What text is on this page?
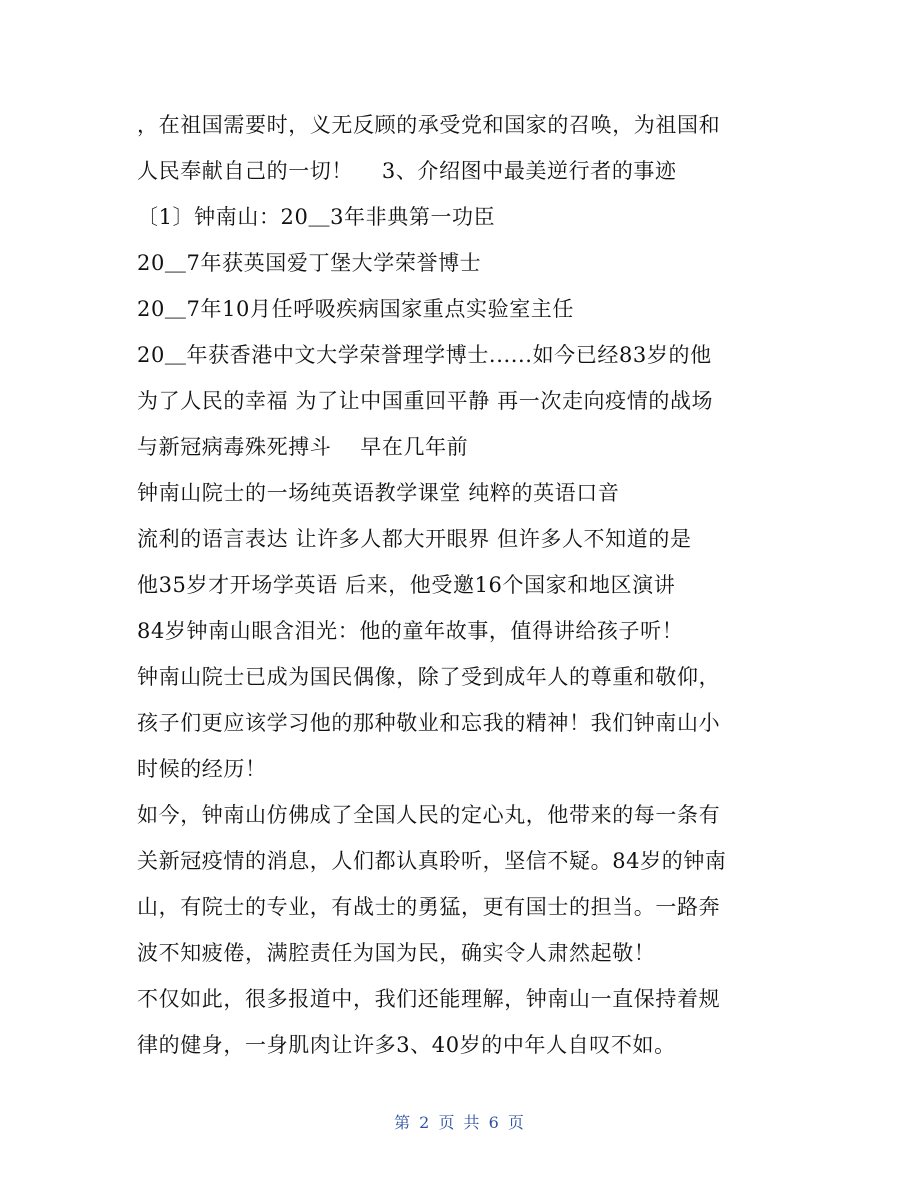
，在祖国需要时，义无反顾的承受党和国家的召唤，为祖国和
人民奉献自己的一切！　 3、介绍图中最美逆行者的事迹
〔1〕钟南山：20＿3年非典第一功臣
20＿7年获英国爱丁堡大学荣誉博士
20＿7年10月任呼吸疾病国家重点实验室主任
20＿年获香港中文大学荣誉理学博士......如今已经83岁的他
为了人民的幸福 为了让中国重回平静 再一次走向疫情的战场
与新冠病毒殊死搏斗　 早在几年前
钟南山院士的一场纯英语教学课堂 纯粹的英语口音
流利的语言表达 让许多人都大开眼界 但许多人不知道的是
他35岁才开场学英语 后来，他受邀16个国家和地区演讲
84岁钟南山眼含泪光：他的童年故事，值得讲给孩子听！
钟南山院士已成为国民偶像，除了受到成年人的尊重和敬仰，
孩子们更应该学习他的那种敬业和忘我的精神！我们钟南山小
时候的经历！
如今，钟南山仿佛成了全国人民的定心丸，他带来的每一条有
关新冠疫情的消息，人们都认真聆听，坚信不疑。84岁的钟南
山，有院士的专业，有战士的勇猛，更有国士的担当。一路奔
波不知疲倦，满腔责任为国为民，确实令人肃然起敬！
不仅如此，很多报道中，我们还能理解，钟南山一直保持着规
律的健身，一身肌肉让许多3、40岁的中年人自叹不如。
第 2 页 共 6 页
